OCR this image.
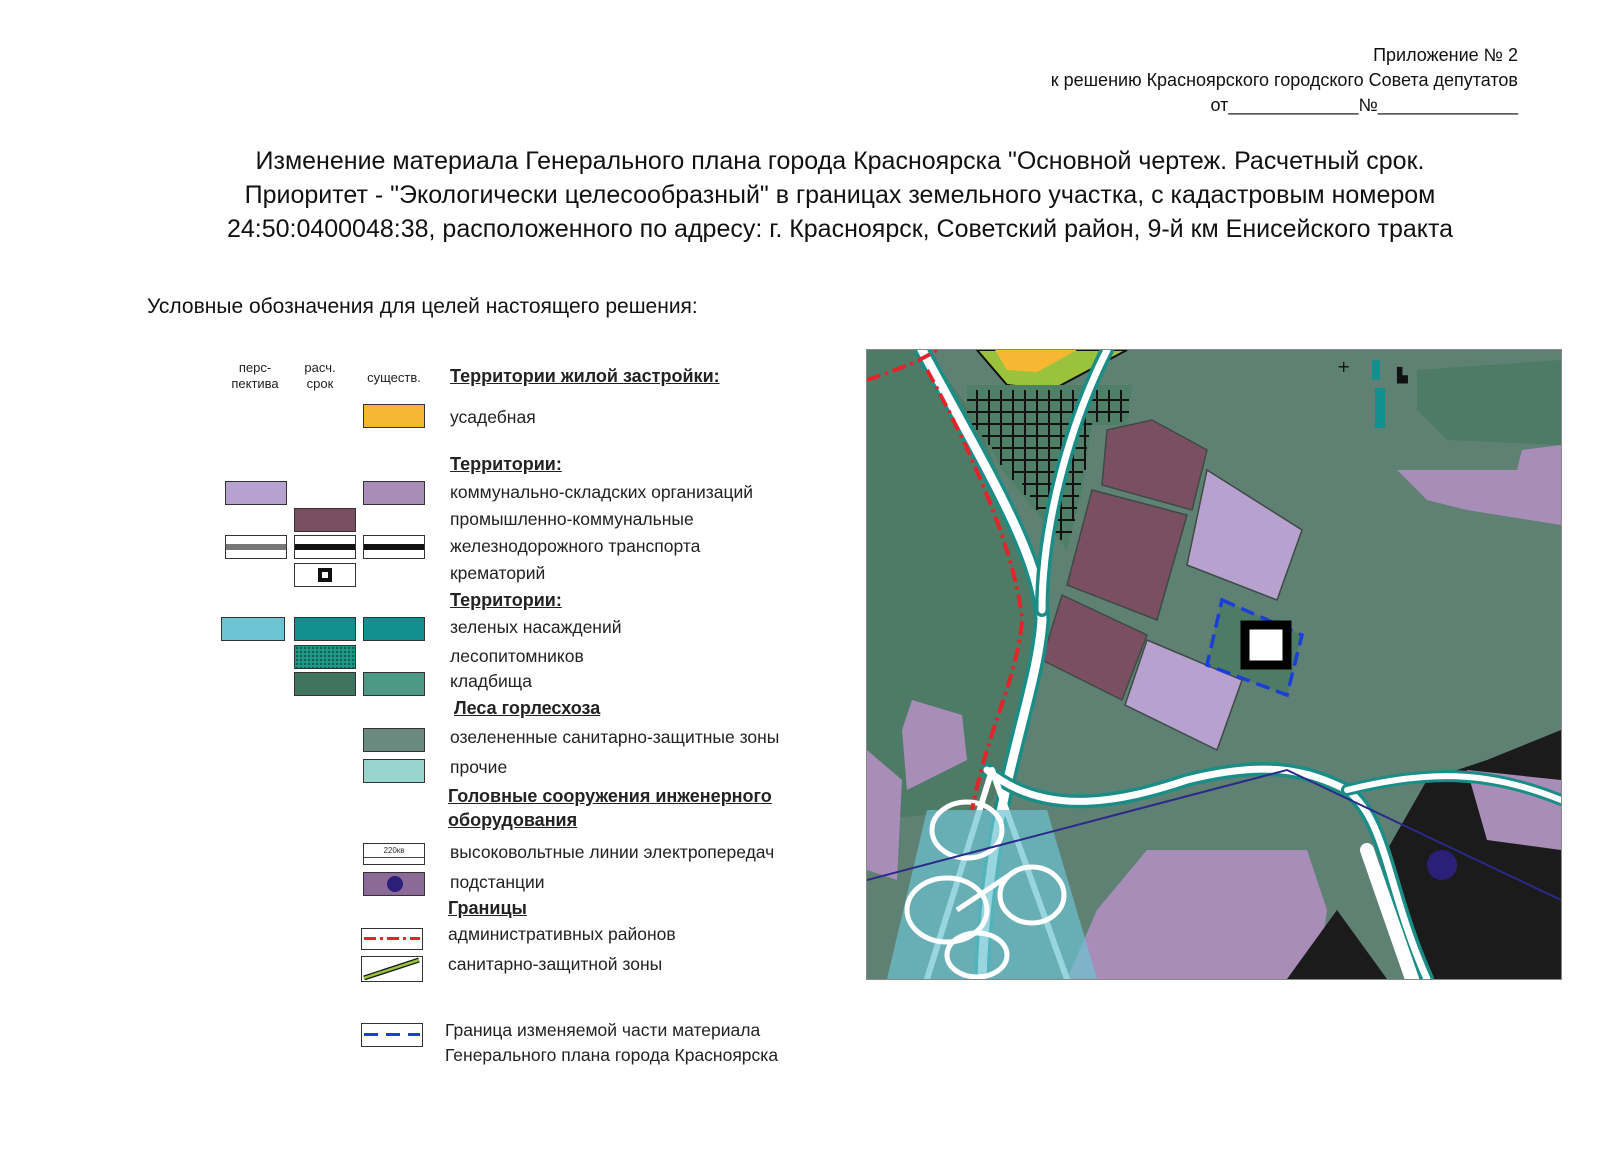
Приложение № 2
к решению Красноярского городского Совета депутатов
от_____________№______________
Изменение материала Генерального плана города Красноярска "Основной чертеж. Расчетный срок.
Приоритет - "Экологически целесообразный" в границах земельного участка, с кадастровым номером
24:50:0400048:38, расположенного по адресу: г. Красноярск, Советский район, 9-й км Енисейского тракта
Условные обозначения для целей настоящего решения:
перс-
пектива
расч.
срок	существ.	Территории жилой застройки:
усадебная
Территории:
коммунально-складских организаций
промышленно-коммунальные
железнодорожного транспорта
крематорий
Территории:
зеленых насаждений
лесопитомников
кладбища
Леса горлесхоза
озелененные санитарно-защитные зоны
прочие
Головные сооружения инженерного
оборудования
высоковольтные линии электропередач
подстанции
Границы
административных районов
санитарно-защитной зоны
Граница изменяемой части материала
Генерального плана города Красноярска
220кв
+	▙
